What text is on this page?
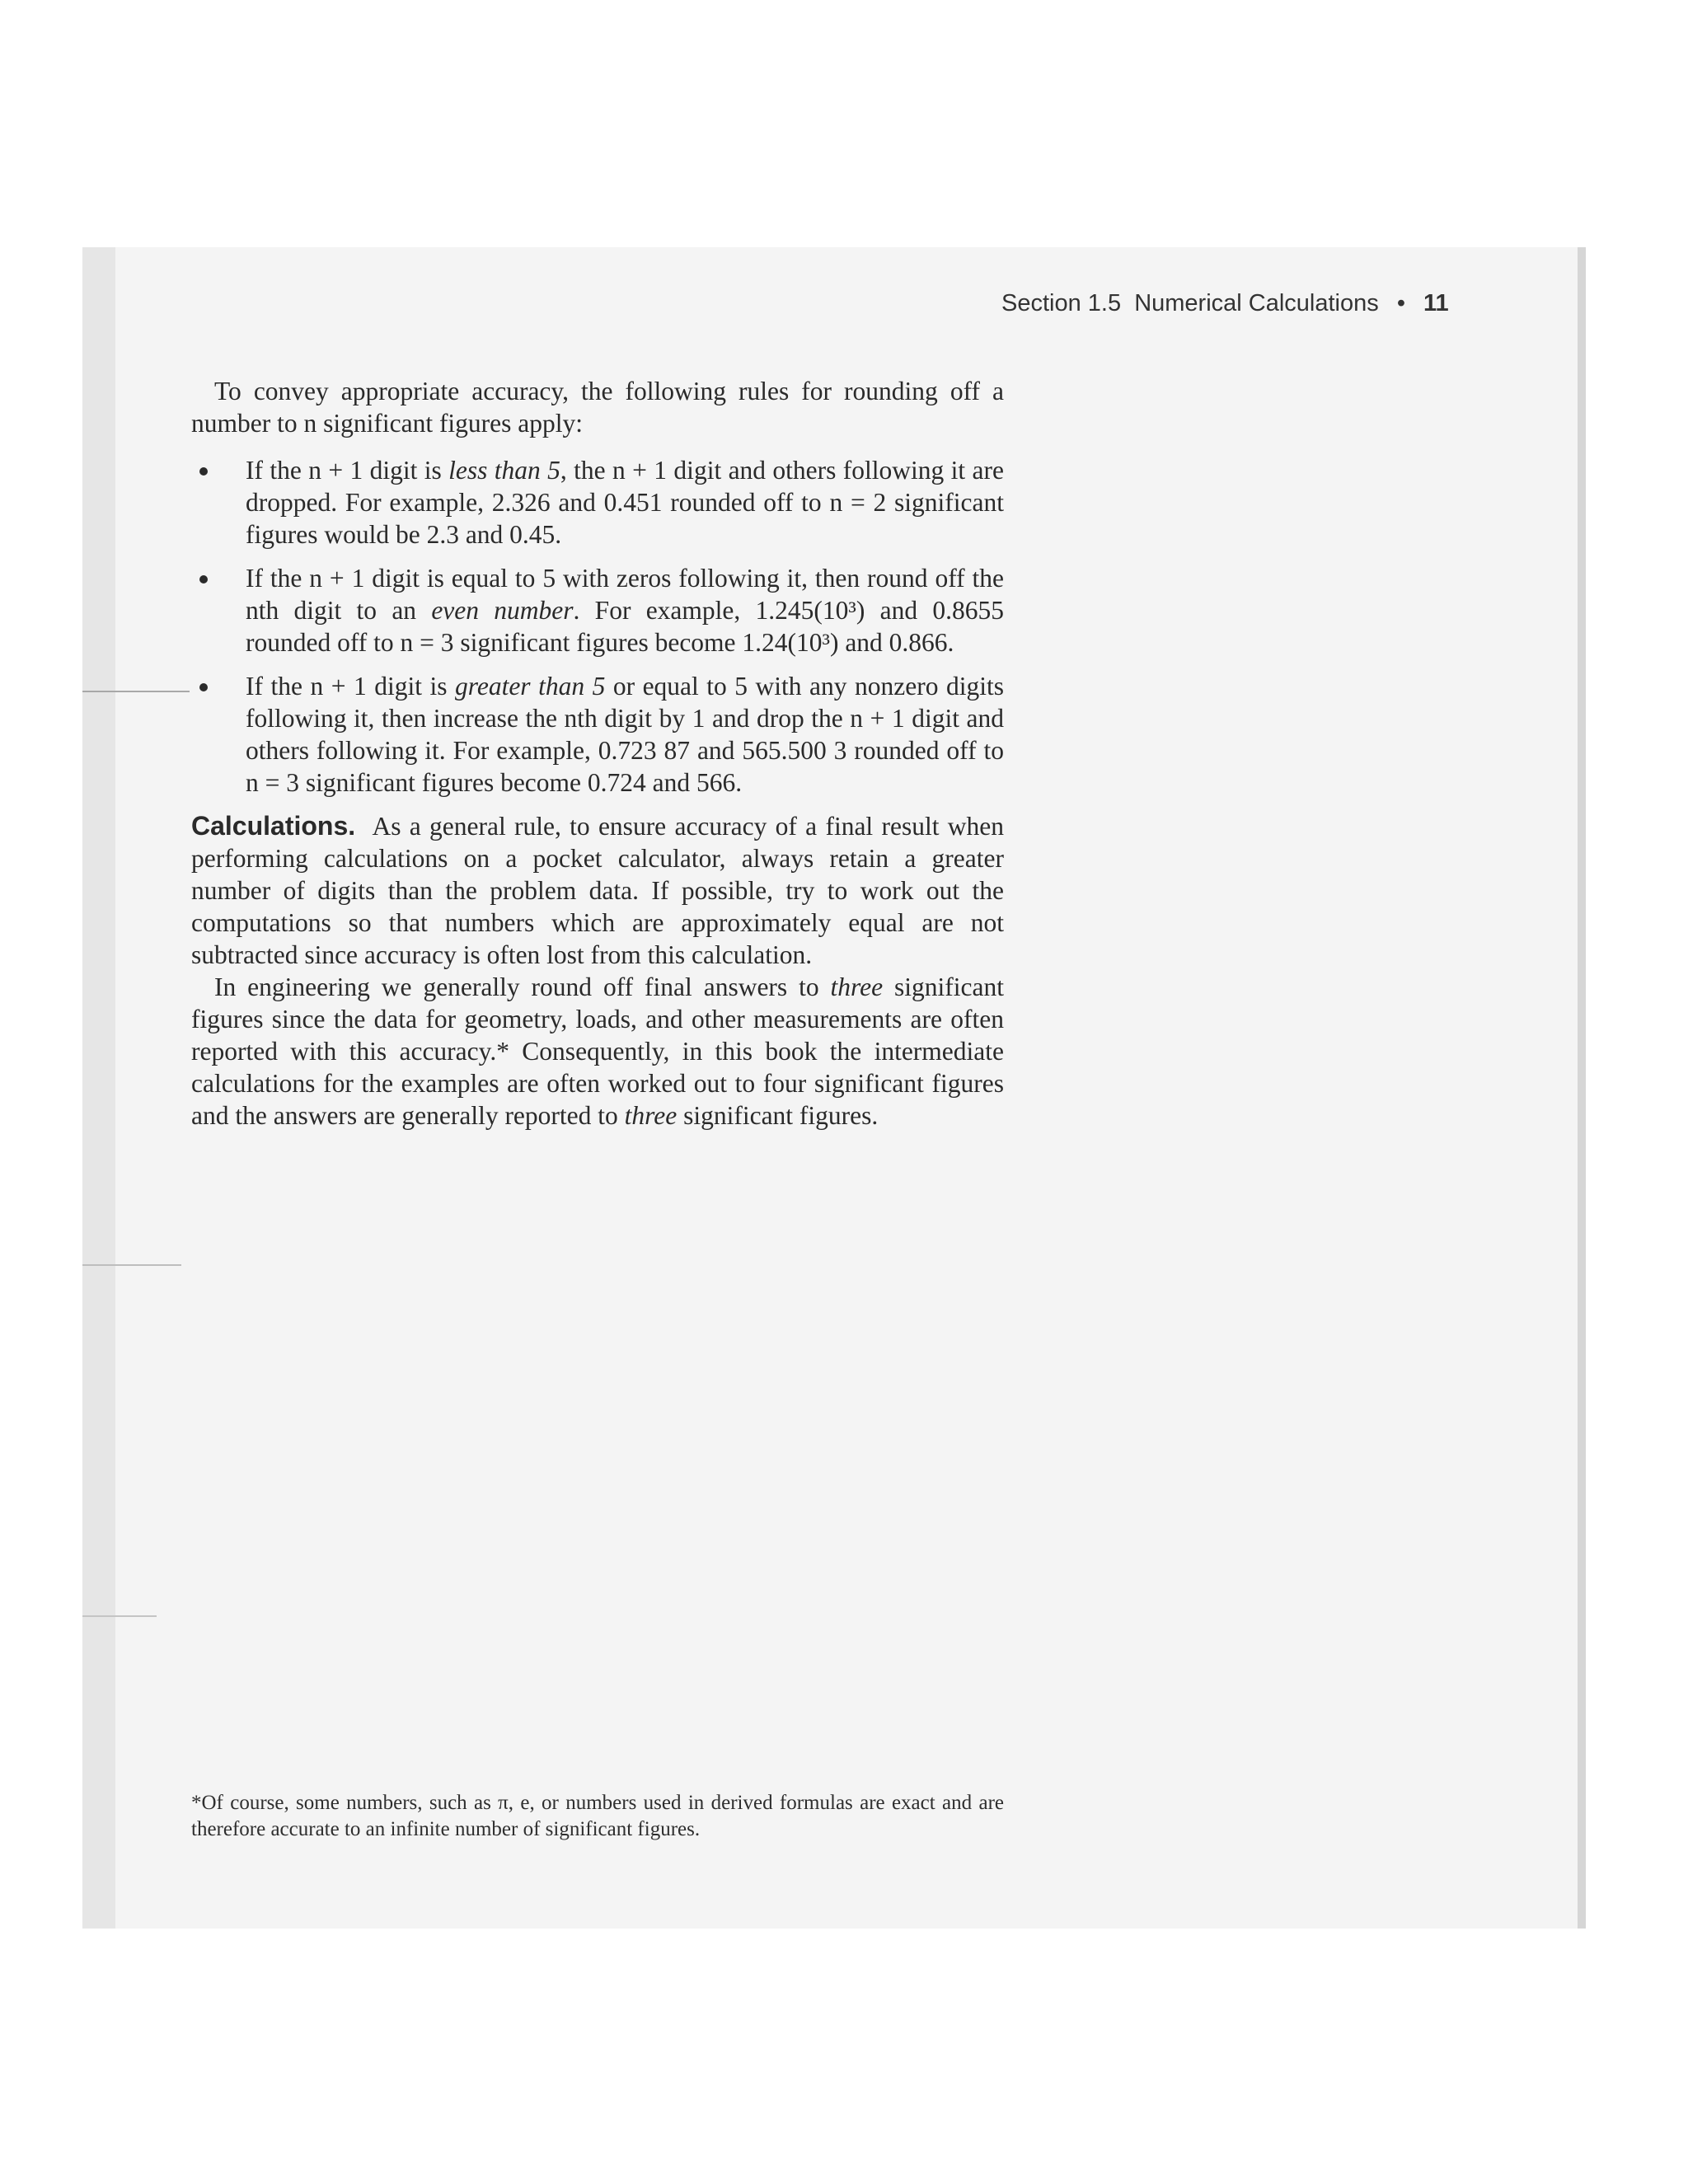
Section 1.5 Numerical Calculations • 11

To convey appropriate accuracy, the following rules for rounding off a number to n significant figures apply:

If the n + 1 digit is less than 5, the n + 1 digit and others following it are dropped. For example, 2.326 and 0.451 rounded off to n = 2 significant figures would be 2.3 and 0.45.
If the n + 1 digit is equal to 5 with zeros following it, then round off the nth digit to an even number. For example, 1.245(10³) and 0.8655 rounded off to n = 3 significant figures become 1.24(10³) and 0.866.
If the n + 1 digit is greater than 5 or equal to 5 with any nonzero digits following it, then increase the nth digit by 1 and drop the n + 1 digit and others following it. For example, 0.723 87 and 565.500 3 rounded off to n = 3 significant figures become 0.724 and 566.

Calculations. As a general rule, to ensure accuracy of a final result when performing calculations on a pocket calculator, always retain a greater number of digits than the problem data. If possible, try to work out the computations so that numbers which are approximately equal are not subtracted since accuracy is often lost from this calculation.

In engineering we generally round off final answers to three significant figures since the data for geometry, loads, and other measurements are often reported with this accuracy.* Consequently, in this book the intermediate calculations for the examples are often worked out to four significant figures and the answers are generally reported to three significant figures.

*Of course, some numbers, such as π, e, or numbers used in derived formulas are exact and are therefore accurate to an infinite number of significant figures.
